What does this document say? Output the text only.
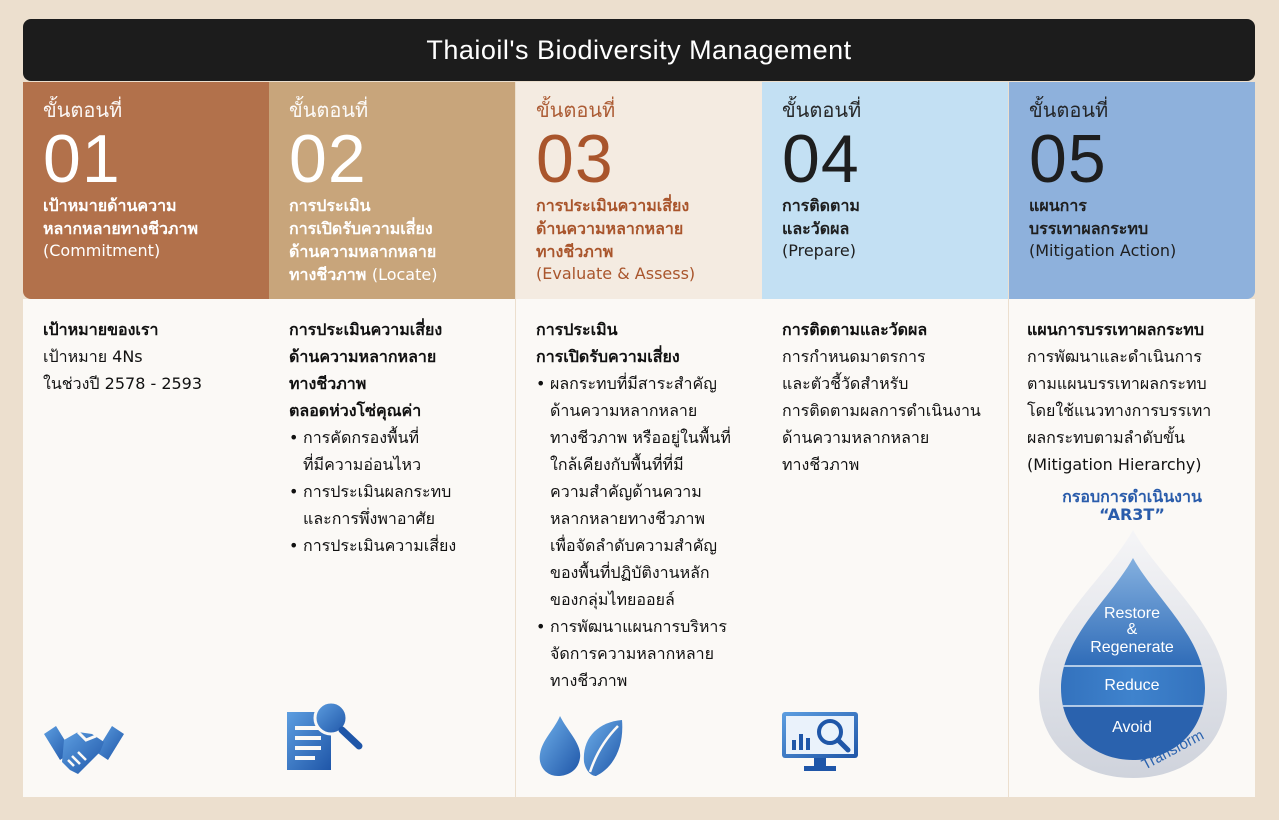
Thaioil's Biodiversity Management
ขั้นตอนที่
01
เป้าหมายด้านความ
หลากหลายทางชีวภาพ
(Commitment)
ขั้นตอนที่
02
การประเมิน
การเปิดรับความเสี่ยง
ด้านความหลากหลาย
ทางชีวภาพ (Locate)
ขั้นตอนที่
03
การประเมินความเสี่ยง
ด้านความหลากหลาย
ทางชีวภาพ
(Evaluate & Assess)
ขั้นตอนที่
04
การติดตาม
และวัดผล
(Prepare)
ขั้นตอนที่
05
แผนการ
บรรเทาผลกระทบ
(Mitigation Action)
เป้าหมายของเรา
เป้าหมาย 4Ns
ในช่วงปี 2578 - 2593
การประเมินความเสี่ยง
ด้านความหลากหลาย
ทางชีวภาพ
ตลอดห่วงโซ่คุณค่า
• การคัดกรองพื้นที่
ที่มีความอ่อนไหว
• การประเมินผลกระทบ
และการพึ่งพาอาศัย
• การประเมินความเสี่ยง
การประเมิน
การเปิดรับความเสี่ยง
• ผลกระทบที่มีสาระสำคัญ
ด้านความหลากหลาย
ทางชีวภาพ หรืออยู่ในพื้นที่
ใกล้เคียงกับพื้นที่ที่มี
ความสำคัญด้านความ
หลากหลายทางชีวภาพ
เพื่อจัดลำดับความสำคัญ
ของพื้นที่ปฏิบัติงานหลัก
ของกลุ่มไทยออยล์
• การพัฒนาแผนการบริหาร
จัดการความหลากหลาย
ทางชีวภาพ
การติดตามและวัดผล
การกำหนดมาตรการ
และตัวชี้วัดสำหรับ
การติดตามผลการดำเนินงาน
ด้านความหลากหลาย
ทางชีวภาพ
แผนการบรรเทาผลกระทบ
การพัฒนาและดำเนินการ
ตามแผนบรรเทาผลกระทบ
โดยใช้แนวทางการบรรเทา
ผลกระทบตามลำดับขั้น
(Mitigation Hierarchy)
กรอบการดำเนินงาน
“AR3T”
Restore
&
Regenerate
Reduce
Avoid
Transform
